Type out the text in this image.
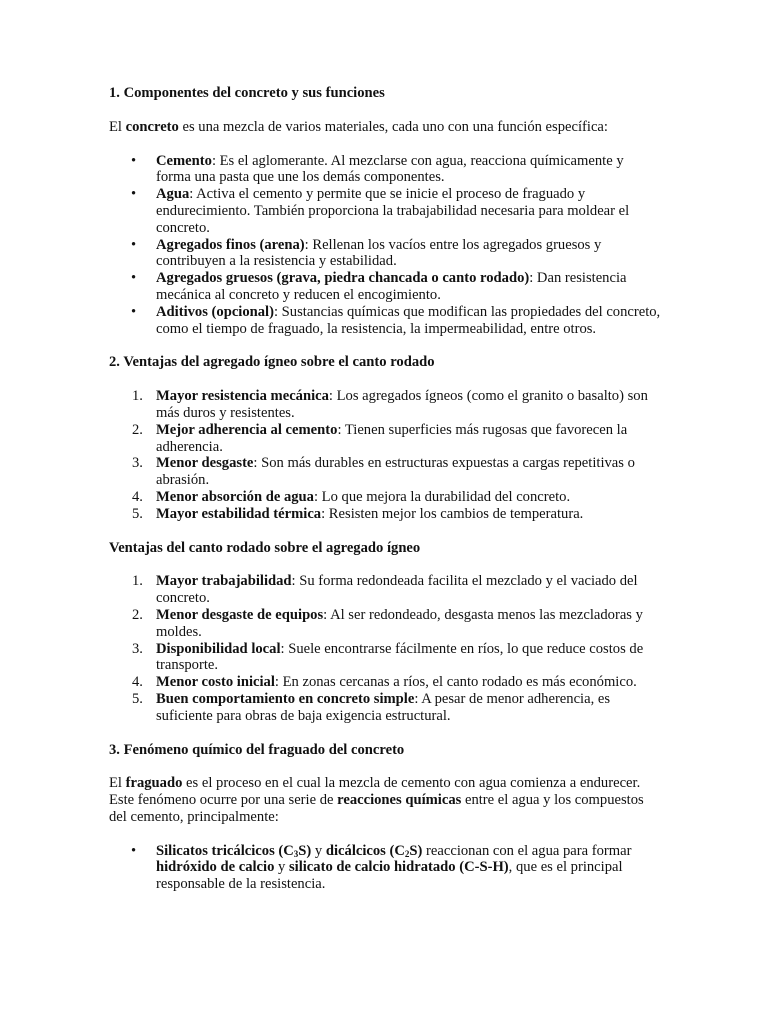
1. Componentes del concreto y sus funciones

El concreto es una mezcla de varios materiales, cada uno con una función específica:

• Cemento: Es el aglomerante. Al mezclarse con agua, reacciona químicamente y forma una pasta que une los demás componentes.
• Agua: Activa el cemento y permite que se inicie el proceso de fraguado y endurecimiento. También proporciona la trabajabilidad necesaria para moldear el concreto.
• Agregados finos (arena): Rellenan los vacíos entre los agregados gruesos y contribuyen a la resistencia y estabilidad.
• Agregados gruesos (grava, piedra chancada o canto rodado): Dan resistencia mecánica al concreto y reducen el encogimiento.
• Aditivos (opcional): Sustancias químicas que modifican las propiedades del concreto, como el tiempo de fraguado, la resistencia, la impermeabilidad, entre otros.
2. Ventajas del agregado ígneo sobre el canto rodado
1. Mayor resistencia mecánica: Los agregados ígneos (como el granito o basalto) son más duros y resistentes.
2. Mejor adherencia al cemento: Tienen superficies más rugosas que favorecen la adherencia.
3. Menor desgaste: Son más durables en estructuras expuestas a cargas repetitivas o abrasión.
4. Menor absorción de agua: Lo que mejora la durabilidad del concreto.
5. Mayor estabilidad térmica: Resisten mejor los cambios de temperatura.
Ventajas del canto rodado sobre el agregado ígneo
1. Mayor trabajabilidad: Su forma redondeada facilita el mezclado y el vaciado del concreto.
2. Menor desgaste de equipos: Al ser redondeado, desgasta menos las mezcladoras y moldes.
3. Disponibilidad local: Suele encontrarse fácilmente en ríos, lo que reduce costos de transporte.
4. Menor costo inicial: En zonas cercanas a ríos, el canto rodado es más económico.
5. Buen comportamiento en concreto simple: A pesar de menor adherencia, es suficiente para obras de baja exigencia estructural.
3. Fenómeno químico del fraguado del concreto

El fraguado es el proceso en el cual la mezcla de cemento con agua comienza a endurecer. Este fenómeno ocurre por una serie de reacciones químicas entre el agua y los compuestos del cemento, principalmente:

• Silicatos tricálcicos $(C_3S)$ y dicálcicos $(C_2S)$ reaccionan con el agua para formar hidróxido de calcio y silicato de calcio hidratado (C-S-H), que es el principal responsable de la resistencia.
